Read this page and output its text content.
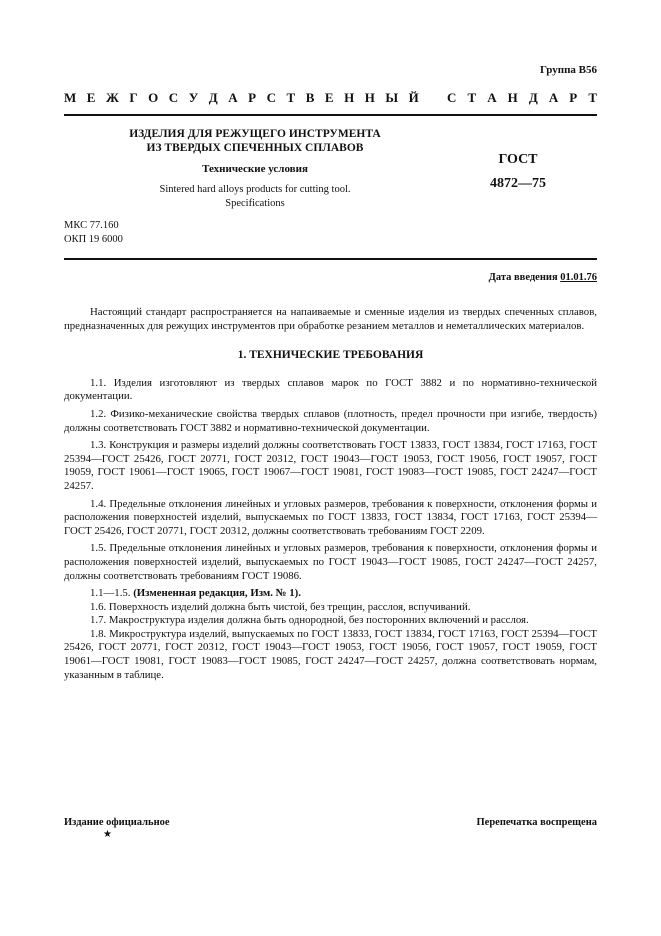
Группа В56
М Е Ж Г О С У Д А Р С Т В Е Н Н Ы Й С Т А Н Д А Р Т
ИЗДЕЛИЯ ДЛЯ РЕЖУЩЕГО ИНСТРУМЕНТА
ИЗ ТВЕРДЫХ СПЕЧЕННЫХ СПЛАВОВ
Технические условия
Sintered hard alloys products for cutting tool.
Specifications
ГОСТ
4872—75
МКС 77.160
ОКП 19 6000
Дата введения 01.01.76

Настоящий стандарт распространяется на напаиваемые и сменные изделия из твердых спеченных сплавов, предназначенных для режущих инструментов при обработке резанием металлов и неметаллических материалов.

1. ТЕХНИЧЕСКИЕ ТРЕБОВАНИЯ

1.1. Изделия изготовляют из твердых сплавов марок по ГОСТ 3882 и по нормативно-технической документации.

1.2. Физико-механические свойства твердых сплавов (плотность, предел прочности при изгибе, твердость) должны соответствовать ГОСТ 3882 и нормативно-технической документации.

1.3. Конструкция и размеры изделий должны соответствовать ГОСТ 13833, ГОСТ 13834, ГОСТ 17163, ГОСТ 25394—ГОСТ 25426, ГОСТ 20771, ГОСТ 20312, ГОСТ 19043—ГОСТ 19053, ГОСТ 19056, ГОСТ 19057, ГОСТ 19059, ГОСТ 19061—ГОСТ 19065, ГОСТ 19067—ГОСТ 19081, ГОСТ 19083—ГОСТ 19085, ГОСТ 24247—ГОСТ 24257.

1.4. Предельные отклонения линейных и угловых размеров, требования к поверхности, отклонения формы и расположения поверхностей изделий, выпускаемых по ГОСТ 13833, ГОСТ 13834, ГОСТ 17163, ГОСТ 25394—ГОСТ 25426, ГОСТ 20771, ГОСТ 20312, должны соответствовать требованиям ГОСТ 2209.

1.5. Предельные отклонения линейных и угловых размеров, требования к поверхности, отклонения формы и расположения поверхностей изделий, выпускаемых по ГОСТ 19043—ГОСТ 19085, ГОСТ 24247—ГОСТ 24257, должны соответствовать требованиям ГОСТ 19086.

1.1—1.5. (Измененная редакция, Изм. № 1).

1.6. Поверхность изделий должна быть чистой, без трещин, расслоя, вспучиваний.

1.7. Макроструктура изделия должна быть однородной, без посторонних включений и расслоя.

1.8. Микроструктура изделий, выпускаемых по ГОСТ 13833, ГОСТ 13834, ГОСТ 17163, ГОСТ 25394—ГОСТ 25426, ГОСТ 20771, ГОСТ 20312, ГОСТ 19043—ГОСТ 19053, ГОСТ 19056, ГОСТ 19057, ГОСТ 19059, ГОСТ 19061—ГОСТ 19081, ГОСТ 19083—ГОСТ 19085, ГОСТ 24247—ГОСТ 24257, должна соответствовать нормам, указанным в таблице.

Издание официальное
★
Перепечатка воспрещена
